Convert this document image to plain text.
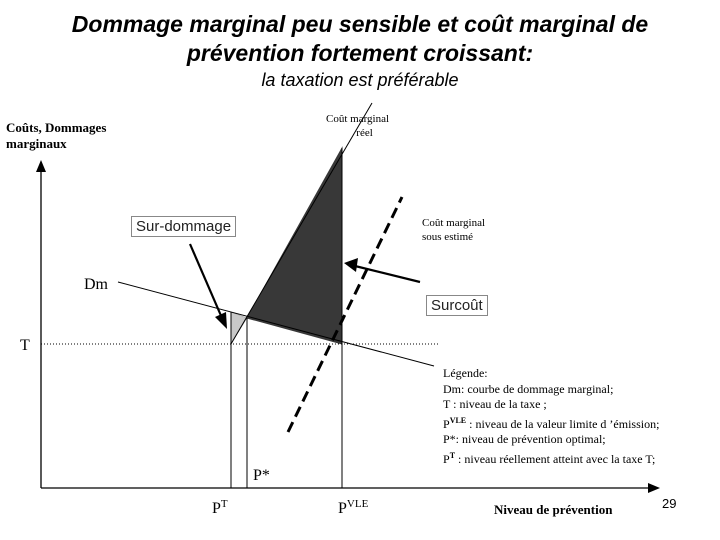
Dommage marginal peu sensible et coût marginal de
prévention fortement croissant:
la taxation est préférable
Coûts, Dommages
marginaux
Niveau de prévention
Coût marginal
réel
Coût marginal
sous estimé
Dm
Sur-dommage
Surcoût
T
P*
$P^T$	$P^{VLE}$
Légende:
Dm: courbe de dommage marginal;
T : niveau de la taxe ;
$P^{VLE}$ : niveau de la valeur limite d ’émission;
P*: niveau de prévention optimal;
$P^T$ : niveau réellement atteint avec la taxe T;
29
